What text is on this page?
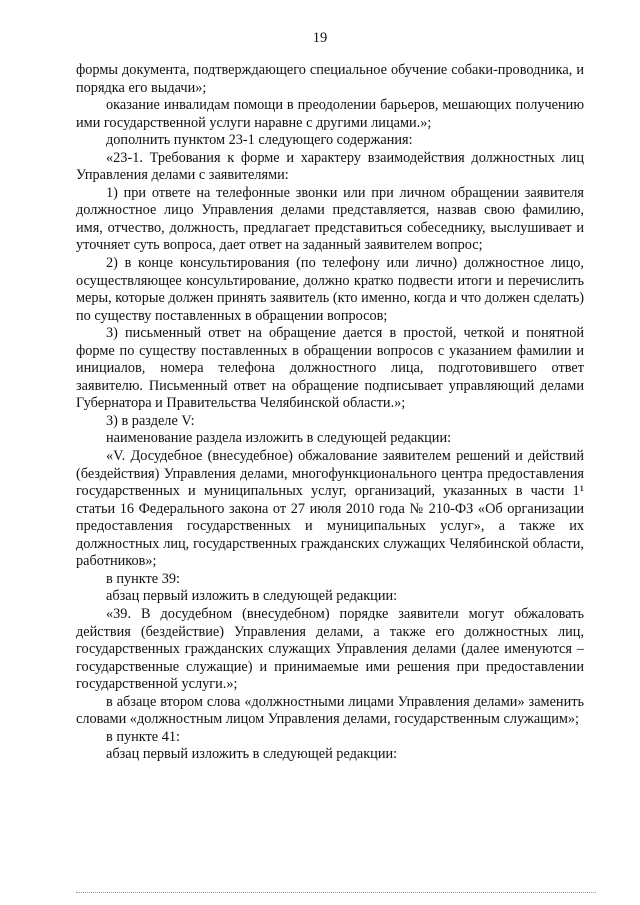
19

формы документа, подтверждающего специальное обучение собаки-проводника, и порядка его выдачи»;

оказание инвалидам помощи в преодолении барьеров, мешающих получению ими государственной услуги наравне с другими лицами.»;

дополнить пунктом 23-1 следующего содержания:

«23-1. Требования к форме и характеру взаимодействия должностных лиц Управления делами с заявителями:

1) при ответе на телефонные звонки или при личном обращении заявителя должностное лицо Управления делами представляется, назвав свою фамилию, имя, отчество, должность, предлагает представиться собеседнику, выслушивает и уточняет суть вопроса, дает ответ на заданный заявителем вопрос;

2) в конце консультирования (по телефону или лично) должностное лицо, осуществляющее консультирование, должно кратко подвести итоги и перечислить меры, которые должен принять заявитель (кто именно, когда и что должен сделать) по существу поставленных в обращении вопросов;

3) письменный ответ на обращение дается в простой, четкой и понятной форме по существу поставленных в обращении вопросов с указанием фамилии и инициалов, номера телефона должностного лица, подготовившего ответ заявителю. Письменный ответ на обращение подписывает управляющий делами Губернатора и Правительства Челябинской области.»;

3) в разделе V:

наименование раздела изложить в следующей редакции:

«V. Досудебное (внесудебное) обжалование заявителем решений и действий (бездействия) Управления делами, многофункционального центра предоставления государственных и муниципальных услуг, организаций, указанных в части 1¹ статьи 16 Федерального закона от 27 июля 2010 года № 210-ФЗ «Об организации предоставления государственных и муниципальных услуг», а также их должностных лиц, государственных гражданских служащих Челябинской области, работников»;

в пункте 39:

абзац первый изложить в следующей редакции:

«39. В досудебном (внесудебном) порядке заявители могут обжаловать действия (бездействие) Управления делами, а также его должностных лиц, государственных гражданских служащих Управления делами (далее именуются – государственные служащие) и принимаемые ими решения при предоставлении государственной услуги.»;

в абзаце втором слова «должностными лицами Управления делами» заменить словами «должностным лицом Управления делами, государственным служащим»;

в пункте 41:

абзац первый изложить в следующей редакции:
